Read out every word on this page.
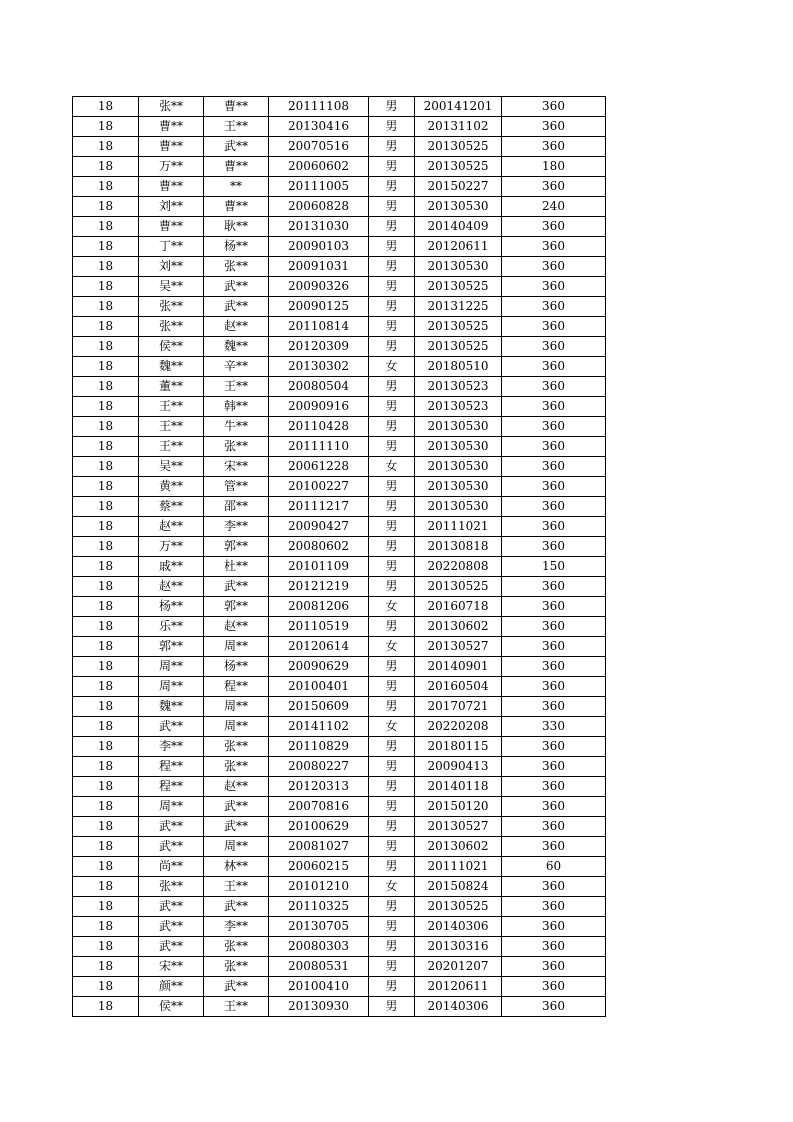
18	张**	曹**	20111108	男	200141201	360
18	曹**	王**	20130416	男	20131102	360
18	曹**	武**	20070516	男	20130525	360
18	万**	曹**	20060602	男	20130525	180
18	曹**	**	20111005	男	20150227	360
18	刘**	曹**	20060828	男	20130530	240
18	曹**	耿**	20131030	男	20140409	360
18	丁**	杨**	20090103	男	20120611	360
18	刘**	张**	20091031	男	20130530	360
18	吴**	武**	20090326	男	20130525	360
18	张**	武**	20090125	男	20131225	360
18	张**	赵**	20110814	男	20130525	360
18	侯**	魏**	20120309	男	20130525	360
18	魏**	辛**	20130302	女	20180510	360
18	董**	王**	20080504	男	20130523	360
18	王**	韩**	20090916	男	20130523	360
18	王**	牛**	20110428	男	20130530	360
18	王**	张**	20111110	男	20130530	360
18	吴**	宋**	20061228	女	20130530	360
18	黄**	管**	20100227	男	20130530	360
18	蔡**	邵**	20111217	男	20130530	360
18	赵**	李**	20090427	男	20111021	360
18	万**	郭**	20080602	男	20130818	360
18	戚**	杜**	20101109	男	20220808	150
18	赵**	武**	20121219	男	20130525	360
18	杨**	郭**	20081206	女	20160718	360
18	乐**	赵**	20110519	男	20130602	360
18	郭**	周**	20120614	女	20130527	360
18	周**	杨**	20090629	男	20140901	360
18	周**	程**	20100401	男	20160504	360
18	魏**	周**	20150609	男	20170721	360
18	武**	周**	20141102	女	20220208	330
18	李**	张**	20110829	男	20180115	360
18	程**	张**	20080227	男	20090413	360
18	程**	赵**	20120313	男	20140118	360
18	周**	武**	20070816	男	20150120	360
18	武**	武**	20100629	男	20130527	360
18	武**	周**	20081027	男	20130602	360
18	尚**	林**	20060215	男	20111021	60
18	张**	王**	20101210	女	20150824	360
18	武**	武**	20110325	男	20130525	360
18	武**	李**	20130705	男	20140306	360
18	武**	张**	20080303	男	20130316	360
18	宋**	张**	20080531	男	20201207	360
18	颜**	武**	20100410	男	20120611	360
18	侯**	王**	20130930	男	20140306	360
